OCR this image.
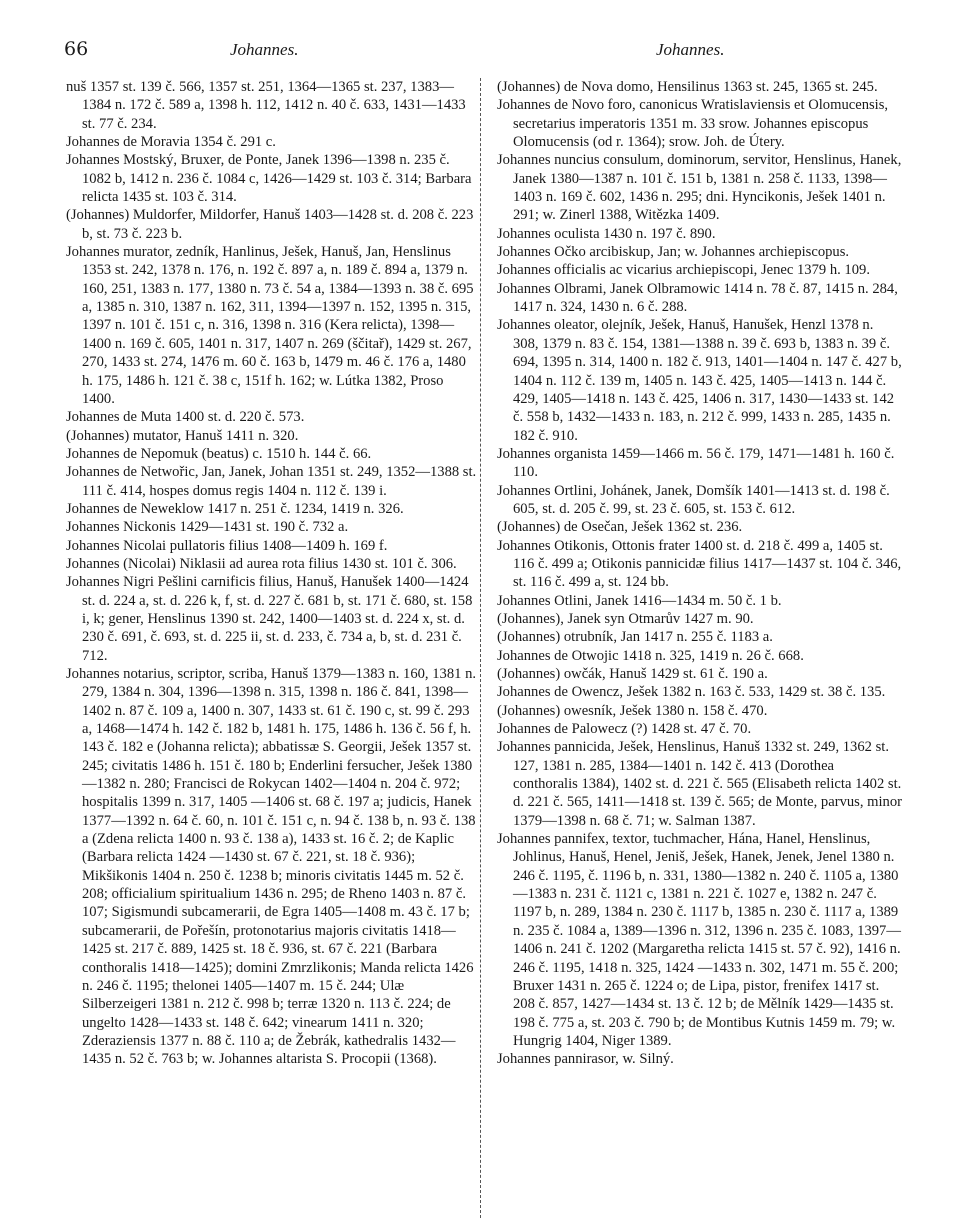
66	Johannes.	Johannes.

nuš 1357 st. 139 č. 566, 1357 st. 251, 1364—1365 st. 237, 1383—1384 n. 172 č. 589 a, 1398 h. 112, 1412 n. 40 č. 633, 1431—1433 st. 77 č. 234.

Johannes de Moravia 1354 č. 291 c.

Johannes Mostský, Bruxer, de Ponte, Janek 1396—1398 n. 235 č. 1082 b, 1412 n. 236 č. 1084 c, 1426—1429 st. 103 č. 314; Barbara relicta 1435 st. 103 č. 314.

(Johannes) Muldorfer, Mildorfer, Hanuš 1403—1428 st. d. 208 č. 223 b, st. 73 č. 223 b.

Johannes murator, zedník, Hanlinus, Ješek, Hanuš, Jan, Henslinus 1353 st. 242, 1378 n. 176, n. 192 č. 897 a, n. 189 č. 894 a, 1379 n. 160, 251, 1383 n. 177, 1380 n. 73 č. 54 a, 1384—1393 n. 38 č. 695 a, 1385 n. 310, 1387 n. 162, 311, 1394—1397 n. 152, 1395 n. 315, 1397 n. 101 č. 151 c, n. 316, 1398 n. 316 (Kera relicta), 1398—1400 n. 169 č. 605, 1401 n. 317, 1407 n. 269 (ščitař), 1429 st. 267, 270, 1433 st. 274, 1476 m. 60 č. 163 b, 1479 m. 46 č. 176 a, 1480 h. 175, 1486 h. 121 č. 38 c, 151f h. 162; w. Lútka 1382, Proso 1400.

Johannes de Muta 1400 st. d. 220 č. 573.

(Johannes) mutator, Hanuš 1411 n. 320.

Johannes de Nepomuk (beatus) c. 1510 h. 144 č. 66.

Johannes de Netwořic, Jan, Janek, Johan 1351 st. 249, 1352—1388 st. 111 č. 414, hospes domus regis 1404 n. 112 č. 139 i.

Johannes de Neweklow 1417 n. 251 č. 1234, 1419 n. 326.

Johannes Nickonis 1429—1431 st. 190 č. 732 a.

Johannes Nicolai pullatoris filius 1408—1409 h. 169 f.

Johannes (Nicolai) Niklasii ad aurea rota filius 1430 st. 101 č. 306.

Johannes Nigri Pešlini carnificis filius, Hanuš, Hanušek 1400—1424 st. d. 224 a, st. d. 226 k, f, st. d. 227 č. 681 b, st. 171 č. 680, st. 158 i, k; gener, Henslinus 1390 st. 242, 1400—1403 st. d. 224 x, st. d. 230 č. 691, č. 693, st. d. 225 ii, st. d. 233, č. 734 a, b, st. d. 231 č. 712.

Johannes notarius, scriptor, scriba, Hanuš 1379—1383 n. 160, 1381 n. 279, 1384 n. 304, 1396—1398 n. 315, 1398 n. 186 č. 841, 1398—1402 n. 87 č. 109 a, 1400 n. 307, 1433 st. 61 č. 190 c, st. 99 č. 293 a, 1468—1474 h. 142 č. 182 b, 1481 h. 175, 1486 h. 136 č. 56 f, h. 143 č. 182 e (Johanna relicta); abbatissæ S. Georgii, Ješek 1357 st. 245; civitatis 1486 h. 151 č. 180 b; Enderlini fersucher, Ješek 1380—1382 n. 280; Francisci de Rokycan 1402—1404 n. 204 č. 972; hospitalis 1399 n. 317, 1405 —1406 st. 68 č. 197 a; judicis, Hanek 1377—1392 n. 64 č. 60, n. 101 č. 151 c, n. 94 č. 138 b, n. 93 č. 138 a (Zdena relicta 1400 n. 93 č. 138 a), 1433 st. 16 č. 2; de Kaplic (Barbara relicta 1424 —1430 st. 67 č. 221, st. 18 č. 936); Mikšikonis 1404 n. 250 č. 1238 b; minoris civitatis 1445 m. 52 č. 208; officialium spiritualium 1436 n. 295; de Rheno 1403 n. 87 č. 107; Sigismundi subcamerarii, de Egra 1405—1408 m. 43 č. 17 b; subcamerarii, de Pořešín, protonotarius majoris civitatis 1418—1425 st. 217 č. 889, 1425 st. 18 č. 936, st. 67 č. 221 (Barbara conthoralis 1418—1425); domini Zmrzlikonis; Manda relicta 1426 n. 246 č. 1195; thelonei 1405—1407 m. 15 č. 244; Ulæ Silberzeigeri 1381 n. 212 č. 998 b; terræ 1320 n. 113 č. 224; de ungelto 1428—1433 st. 148 č. 642; vinearum 1411 n. 320; Zderaziensis 1377 n. 88 č. 110 a; de Žebrák, kathedralis 1432—1435 n. 52 č. 763 b; w. Johannes altarista S. Procopii (1368).

(Johannes) de Nova domo, Hensilinus 1363 st. 245, 1365 st. 245.

Johannes de Novo foro, canonicus Wratislaviensis et Olomucensis, secretarius imperatoris 1351 m. 33 srow. Johannes episcopus Olomucensis (od r. 1364); srow. Joh. de Útery.

Johannes nuncius consulum, dominorum, servitor, Henslinus, Hanek, Janek 1380—1387 n. 101 č. 151 b, 1381 n. 258 č. 1133, 1398—1403 n. 169 č. 602, 1436 n. 295; dni. Hyncikonis, Ješek 1401 n. 291; w. Zinerl 1388, Witězka 1409.

Johannes oculista 1430 n. 197 č. 890.

Johannes Očko arcibiskup, Jan; w. Johannes archiepiscopus.

Johannes officialis ac vicarius archiepiscopi, Jenec 1379 h. 109.

Johannes Olbrami, Janek Olbramowic 1414 n. 78 č. 87, 1415 n. 284, 1417 n. 324, 1430 n. 6 č. 288.

Johannes oleator, olejník, Ješek, Hanuš, Hanušek, Henzl 1378 n. 308, 1379 n. 83 č. 154, 1381—1388 n. 39 č. 693 b, 1383 n. 39 č. 694, 1395 n. 314, 1400 n. 182 č. 913, 1401—1404 n. 147 č. 427 b, 1404 n. 112 č. 139 m, 1405 n. 143 č. 425, 1405—1413 n. 144 č. 429, 1405—1418 n. 143 č. 425, 1406 n. 317, 1430—1433 st. 142 č. 558 b, 1432—1433 n. 183, n. 212 č. 999, 1433 n. 285, 1435 n. 182 č. 910.

Johannes organista 1459—1466 m. 56 č. 179, 1471—1481 h. 160 č. 110.

Johannes Ortlini, Johánek, Janek, Domšík 1401—1413 st. d. 198 č. 605, st. d. 205 č. 99, st. 23 č. 605, st. 153 č. 612.

(Johannes) de Osečan, Ješek 1362 st. 236.

Johannes Otikonis, Ottonis frater 1400 st. d. 218 č. 499 a, 1405 st. 116 č. 499 a; Otikonis pannicidæ filius 1417—1437 st. 104 č. 346, st. 116 č. 499 a, st. 124 bb.

Johannes Otlini, Janek 1416—1434 m. 50 č. 1 b.

(Johannes), Janek syn Otmarův 1427 m. 90.

(Johannes) otrubník, Jan 1417 n. 255 č. 1183 a.

Johannes de Otwojic 1418 n. 325, 1419 n. 26 č. 668.

(Johannes) owčák, Hanuš 1429 st. 61 č. 190 a.

Johannes de Owencz, Ješek 1382 n. 163 č. 533, 1429 st. 38 č. 135.

(Johannes) owesník, Ješek 1380 n. 158 č. 470.

Johannes de Palowecz (?) 1428 st. 47 č. 70.

Johannes pannicida, Ješek, Henslinus, Hanuš 1332 st. 249, 1362 st. 127, 1381 n. 285, 1384—1401 n. 142 č. 413 (Dorothea conthoralis 1384), 1402 st. d. 221 č. 565 (Elisabeth relicta 1402 st. d. 221 č. 565, 1411—1418 st. 139 č. 565; de Monte, parvus, minor 1379—1398 n. 68 č. 71; w. Salman 1387.

Johannes pannifex, textor, tuchmacher, Hána, Hanel, Henslinus, Johlinus, Hanuš, Henel, Jeniš, Ješek, Hanek, Jenek, Jenel 1380 n. 246 č. 1195, č. 1196 b, n. 331, 1380—1382 n. 240 č. 1105 a, 1380—1383 n. 231 č. 1121 c, 1381 n. 221 č. 1027 e, 1382 n. 247 č. 1197 b, n. 289, 1384 n. 230 č. 1117 b, 1385 n. 230 č. 1117 a, 1389 n. 235 č. 1084 a, 1389—1396 n. 312, 1396 n. 235 č. 1083, 1397—1406 n. 241 č. 1202 (Margaretha relicta 1415 st. 57 č. 92), 1416 n. 246 č. 1195, 1418 n. 325, 1424 —1433 n. 302, 1471 m. 55 č. 200; Bruxer 1431 n. 265 č. 1224 o; de Lipa, pistor, frenifex 1417 st. 208 č. 857, 1427—1434 st. 13 č. 12 b; de Mělník 1429—1435 st. 198 č. 775 a, st. 203 č. 790 b; de Montibus Kutnis 1459 m. 79; w. Hungrig 1404, Niger 1389.

Johannes pannirasor, w. Silný.
